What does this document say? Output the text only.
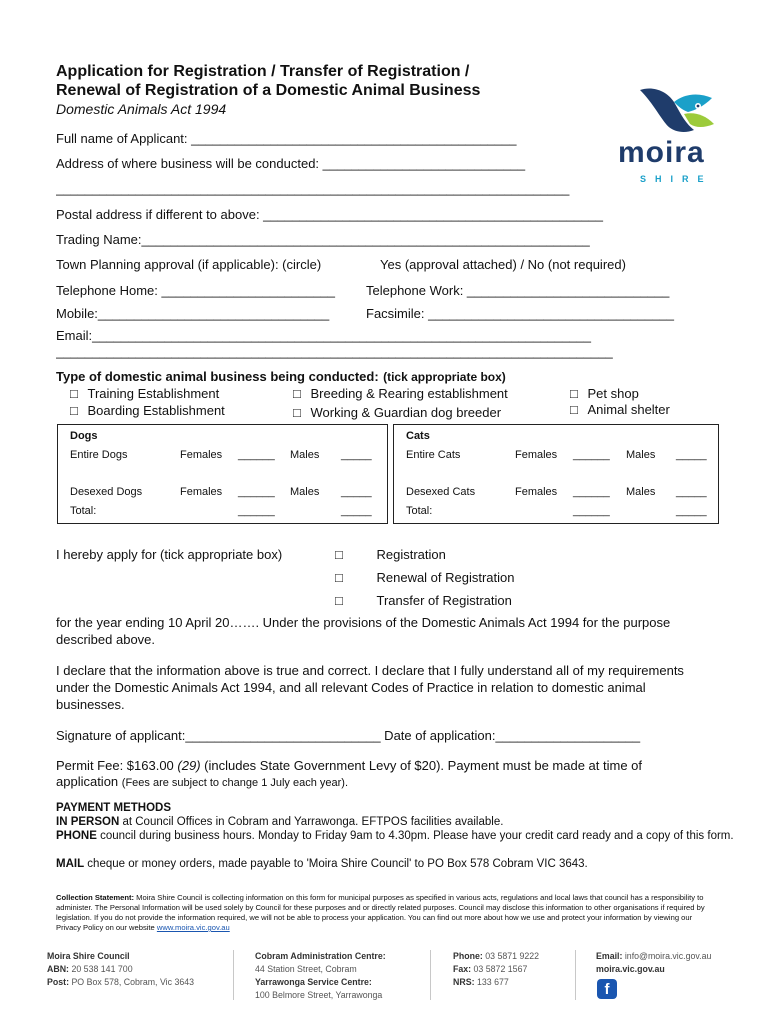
Application for Registration / Transfer of Registration /
Renewal of Registration of a Domestic Animal Business
Domestic Animals Act 1994
moira
SHIRE
Full name of Applicant: _____________________________________________
Address of where business will be conducted: ____________________________
_______________________________________________________________________
Postal address if different to above: _______________________________________________
Trading Name:______________________________________________________________
Town Planning approval (if applicable): (circle)	Yes (approval attached) / No (not required)
Telephone Home: ________________________ Telephone Work: ____________________________
Mobile:________________________________	Facsimile: __________________________________
Email:_____________________________________________________________________
_____________________________________________________________________________
Type of domestic animal business being conducted: (tick appropriate box)
□ Training Establishment
□ Boarding Establishment
□ Breeding & Rearing establishment
□ Working & Guardian dog breeder
□ Pet shop
□ Animal shelter
Dogs
Entire Dogs	Females ______ Males _____
Desexed Dogs	Females ______ Males _____
Total:	______	_____
Cats
Entire Cats	Females ______ Males _____
Desexed Cats	Females ______ Males _____
Total:	______	_____
I hereby apply for (tick appropriate box)	□	Registration
□	Renewal of Registration
□	Transfer of Registration
for the year ending 10 April 20……. Under the provisions of the Domestic Animals Act 1994 for the purpose described above.
I declare that the information above is true and correct. I declare that I fully understand all of my requirements under the Domestic Animals Act 1994, and all relevant Codes of Practice in relation to domestic animal businesses.
Signature of applicant:___________________________ Date of application:____________________
Permit Fee: $163.00 (29) (includes State Government Levy of $20). Payment must be made at time of
application (Fees are subject to change 1 July each year).
PAYMENT METHODS
IN PERSON at Council Offices in Cobram and Yarrawonga. EFTPOS facilities available.
PHONE council during business hours. Monday to Friday 9am to 4.30pm. Please have your credit card ready and a copy of this form.
MAIL cheque or money orders, made payable to 'Moira Shire Council' to PO Box 578 Cobram VIC 3643.
Collection Statement: Moira Shire Council is collecting information on this form for municipal purposes as specified in various acts, regulations and local laws that council has a responsibility to administer. The Personal Information will be used solely by Council for these purposes and or directly related purposes. Council may disclose this information to other organisations if required by legislation. If you do not provide the information required, we will not be able to process your application. You can find out more about how we use and protect your information by viewing our Privacy Policy on our website www.moira.vic.gov.au
Moira Shire Council
ABN: 20 538 141 700
Post: PO Box 578, Cobram, Vic 3643
Cobram Administration Centre:
44 Station Street, Cobram
Yarrawonga Service Centre:
100 Belmore Street, Yarrawonga
Phone: 03 5871 9222
Fax: 03 5872 1567
NRS: 133 677
Email: info@moira.vic.gov.au
moira.vic.gov.au
f
